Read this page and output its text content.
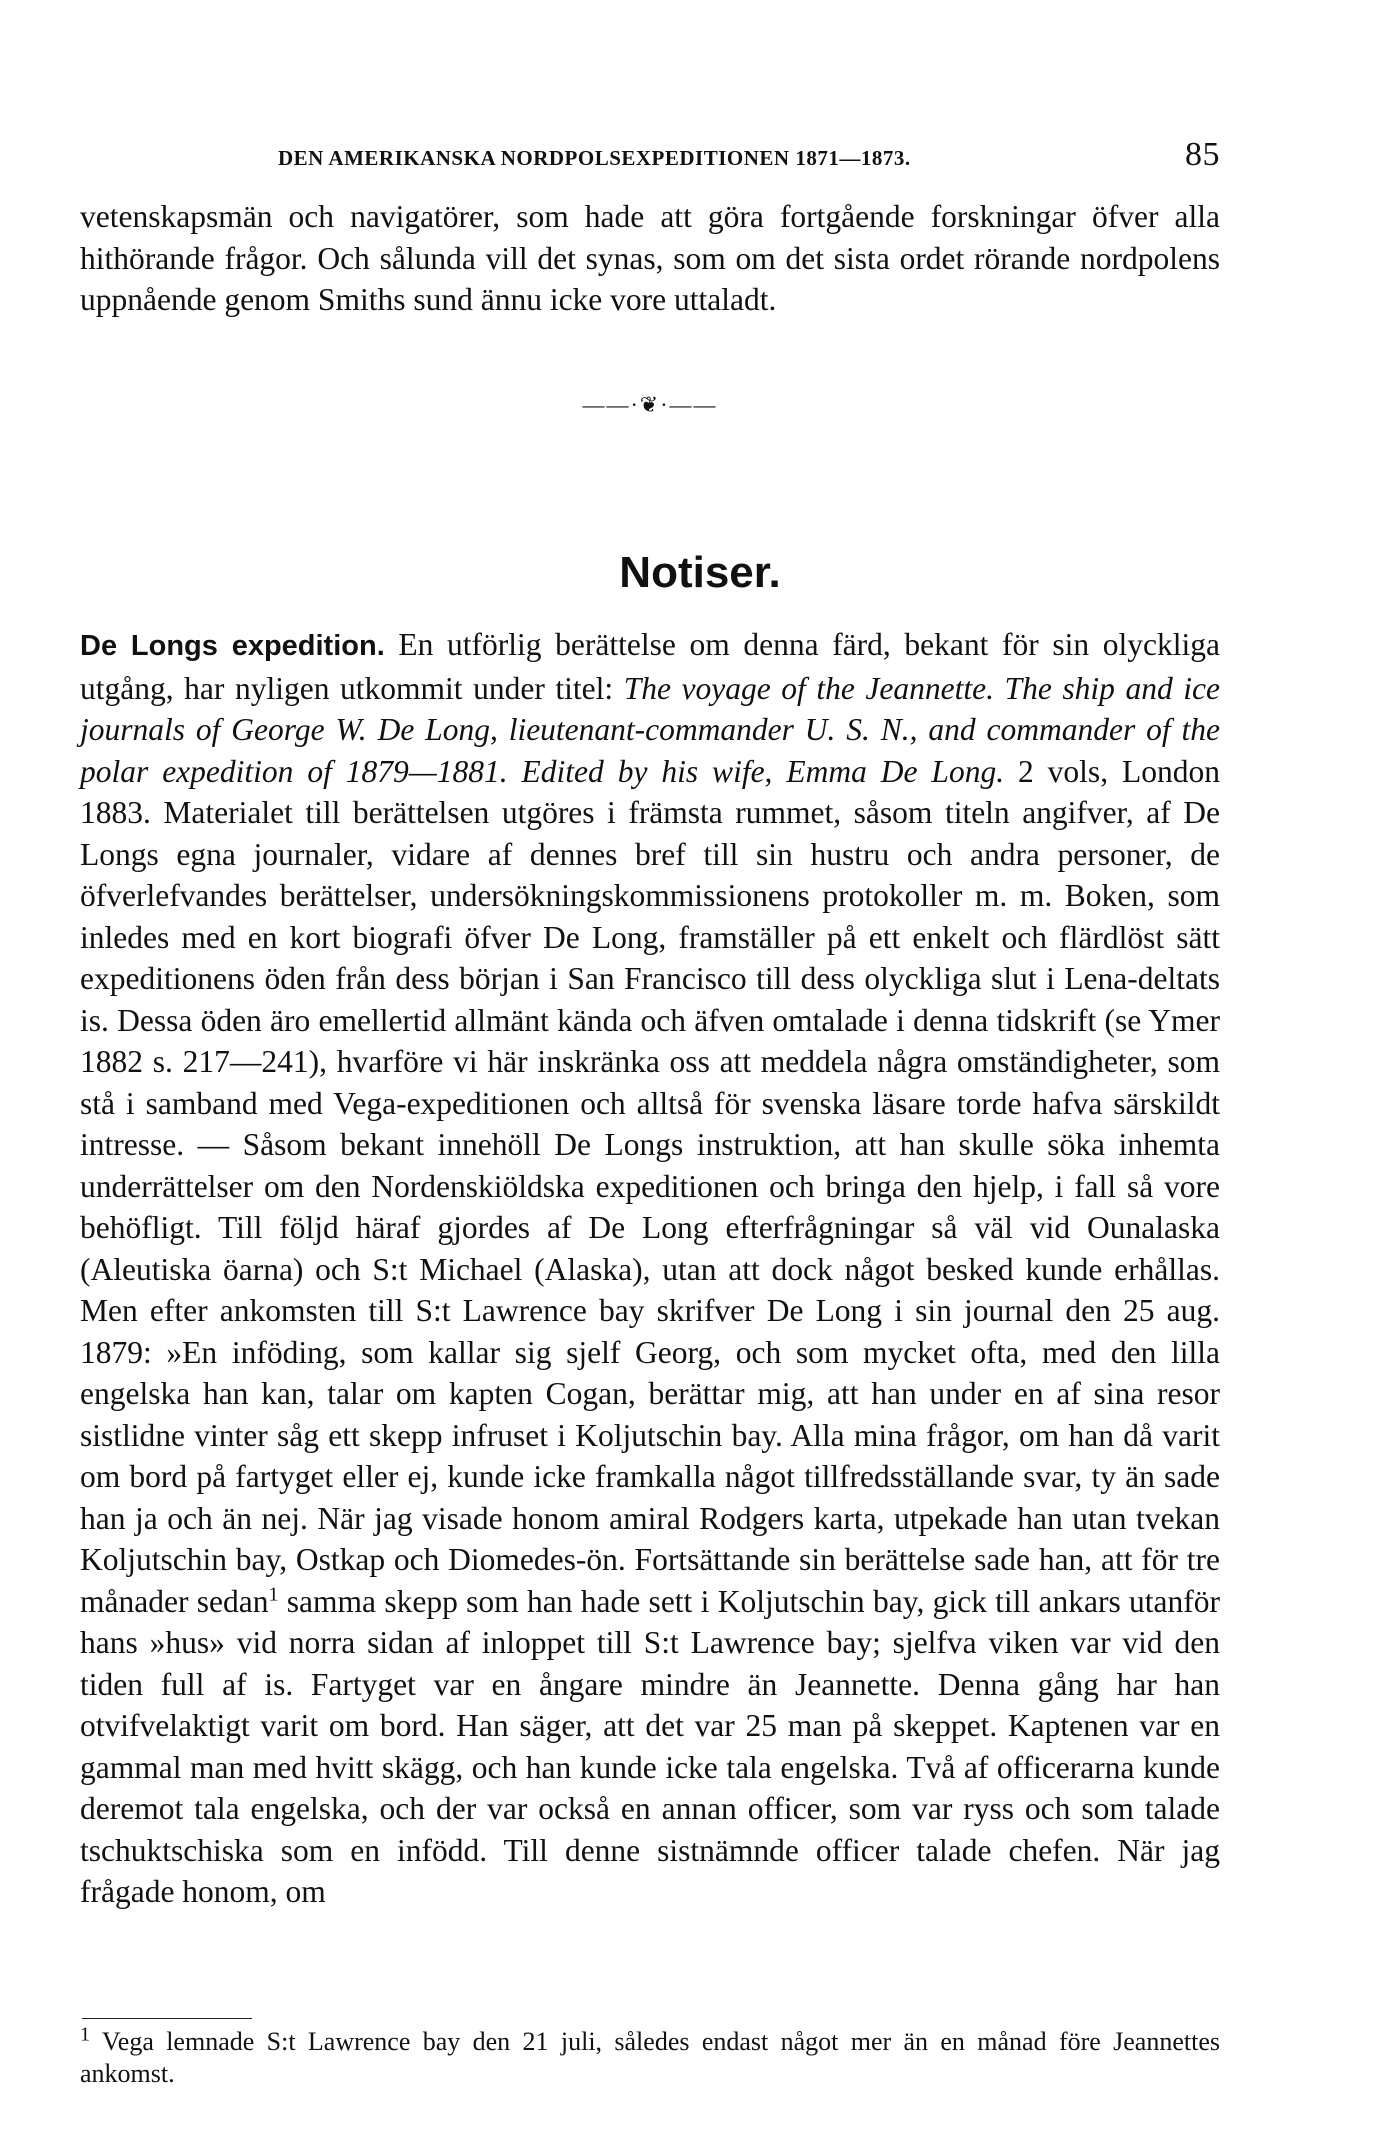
DEN AMERIKANSKA NORDPOLSEXPEDITIONEN 1871—1873.	85

vetenskapsmän och navigatörer, som hade att göra fortgående forskningar öfver alla hithörande frågor. Och sålunda vill det synas, som om det sista ordet rörande nordpolens uppnående genom Smiths sund ännu icke vore uttaladt.

——·❦·——
Notiser.

De Longs expedition. En utförlig berättelse om denna färd, bekant för sin olyckliga utgång, har nyligen utkommit under titel: The voyage of the Jeannette. The ship and ice journals of George W. De Long, lieutenant-commander U. S. N., and commander of the polar expedition of 1879—1881. Edited by his wife, Emma De Long. 2 vols, London 1883. Materialet till berättelsen utgöres i främsta rummet, såsom titeln angifver, af De Longs egna journaler, vidare af dennes bref till sin hustru och andra personer, de öfverlefvandes berättelser, undersökningskommissionens protokoller m. m. Boken, som inledes med en kort biografi öfver De Long, framställer på ett enkelt och flärdlöst sätt expeditionens öden från dess början i San Francisco till dess olyckliga slut i Lena-deltats is. Dessa öden äro emellertid allmänt kända och äfven omtalade i denna tidskrift (se Ymer 1882 s. 217—241), hvarföre vi här inskränka oss att meddela några omständigheter, som stå i samband med Vega-expeditionen och alltså för svenska läsare torde hafva särskildt intresse. — Såsom bekant innehöll De Longs instruktion, att han skulle söka inhemta underrättelser om den Nordenskiöldska expeditionen och bringa den hjelp, i fall så vore behöfligt. Till följd häraf gjordes af De Long efterfrågningar så väl vid Ounalaska (Aleutiska öarna) och S:t Michael (Alaska), utan att dock något besked kunde erhållas. Men efter ankomsten till S:t Lawrence bay skrifver De Long i sin journal den 25 aug. 1879: »En inföding, som kallar sig sjelf Georg, och som mycket ofta, med den lilla engelska han kan, talar om kapten Cogan, berättar mig, att han under en af sina resor sistlidne vinter såg ett skepp infruset i Koljutschin bay. Alla mina frågor, om han då varit om bord på fartyget eller ej, kunde icke framkalla något tillfredsställande svar, ty än sade han ja och än nej. När jag visade honom amiral Rodgers karta, utpekade han utan tvekan Koljutschin bay, Ostkap och Diomedes-ön. Fortsättande sin berättelse sade han, att för tre månader sedan$^1$ samma skepp som han hade sett i Koljutschin bay, gick till ankars utanför hans »hus» vid norra sidan af inloppet till S:t Lawrence bay; sjelfva viken var vid den tiden full af is. Fartyget var en ångare mindre än Jeannette. Denna gång har han otvifvelaktigt varit om bord. Han säger, att det var 25 man på skeppet. Kaptenen var en gammal man med hvitt skägg, och han kunde icke tala engelska. Två af officerarna kunde deremot tala engelska, och der var också en annan officer, som var ryss och som talade tschuktschiska som en infödd. Till denne sistnämnde officer talade chefen. När jag frågade honom, om

$^1$ Vega lemnade S:t Lawrence bay den 21 juli, således endast något mer än en månad före Jeannettes ankomst.
